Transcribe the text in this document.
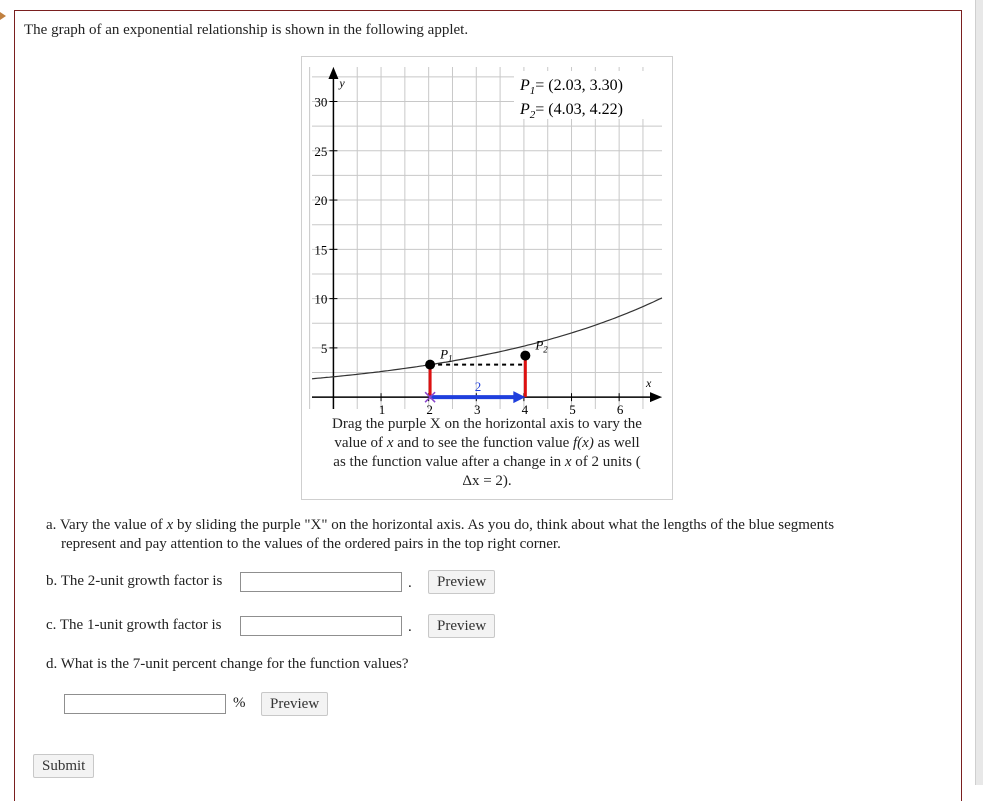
The graph of an exponential relationship is shown in the following applet.
1	2	3	4	5	6
5
10
15
20
25
30
2
$P_1$
$P_2$
y
x
$P_1= (2.03$, 3.30)
$P_2= (4.03$, 4.22)
Drag the purple X on the horizontal axis to vary the
value of x and to see the function value f(x) as well
as the function value after a change in x of 2 units (
Δx = 2).
a. Vary the value of x by sliding the purple "X" on the horizontal axis. As you do, think about what the lengths of the blue segments
represent and pay attention to the values of the ordered pairs in the top right corner.
b. The 2-unit growth factor is	.	Preview
c. The 1-unit growth factor is	.	Preview
d. What is the 7-unit percent change for the function values?
%	Preview
Submit
